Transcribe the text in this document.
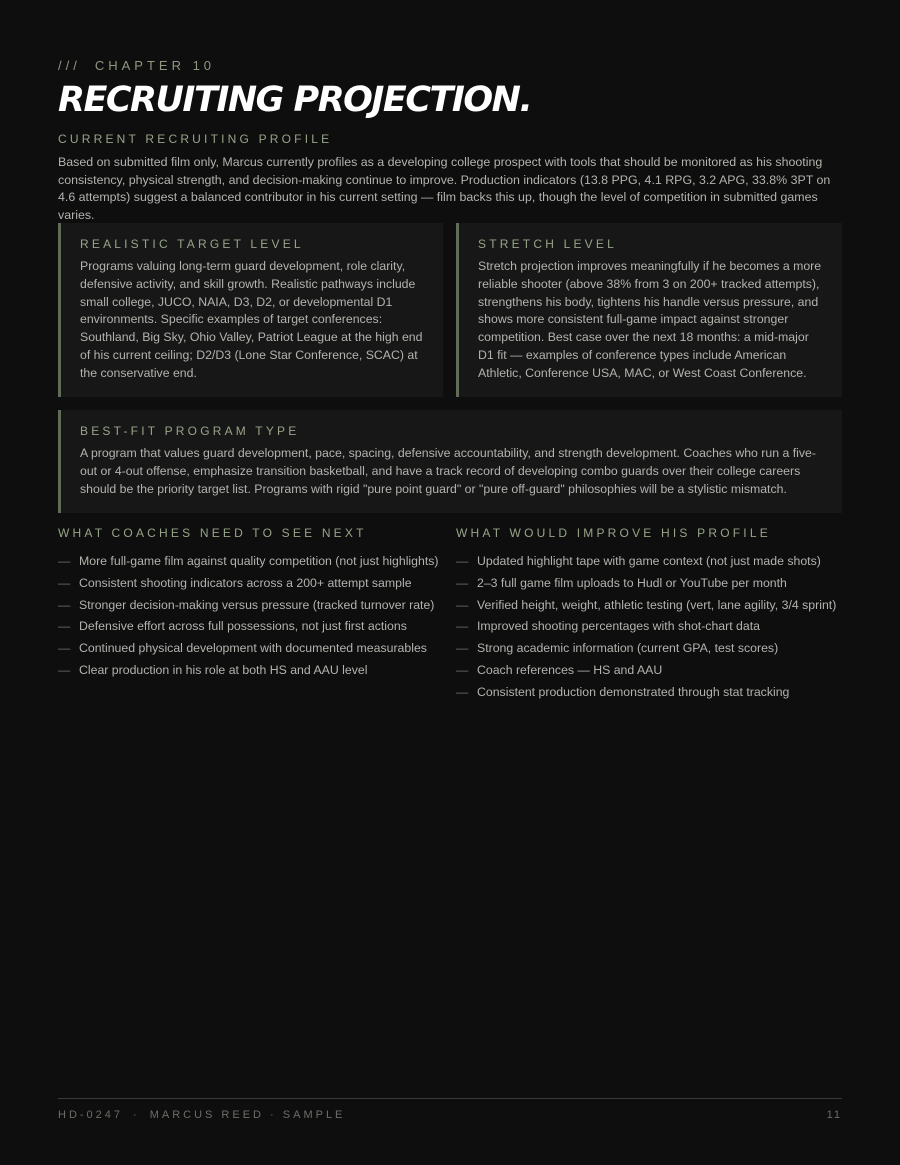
/// CHAPTER 10
RECRUITING PROJECTION.
CURRENT RECRUITING PROFILE

Based on submitted film only, Marcus currently profiles as a developing college prospect with tools that should be monitored as his shooting consistency, physical strength, and decision-making continue to improve. Production indicators (13.8 PPG, 4.1 RPG, 3.2 APG, 33.8% 3PT on 4.6 attempts) suggest a balanced contributor in his current setting — film backs this up, though the level of competition in submitted games varies.

REALISTIC TARGET LEVEL

Programs valuing long-term guard development, role clarity, defensive activity, and skill growth. Realistic pathways include small college, JUCO, NAIA, D3, D2, or developmental D1 environments. Specific examples of target conferences: Southland, Big Sky, Ohio Valley, Patriot League at the high end of his current ceiling; D2/D3 (Lone Star Conference, SCAC) at the conservative end.

STRETCH LEVEL

Stretch projection improves meaningfully if he becomes a more reliable shooter (above 38% from 3 on 200+ tracked attempts), strengthens his body, tightens his handle versus pressure, and shows more consistent full-game impact against stronger competition. Best case over the next 18 months: a mid-major D1 fit — examples of conference types include American Athletic, Conference USA, MAC, or West Coast Conference.

BEST-FIT PROGRAM TYPE

A program that values guard development, pace, spacing, defensive accountability, and strength development. Coaches who run a five-out or 4-out offense, emphasize transition basketball, and have a track record of developing combo guards over their college careers should be the priority target list. Programs with rigid "pure point guard" or "pure off-guard" philosophies will be a stylistic mismatch.

WHAT COACHES NEED TO SEE NEXT
— More full-game film against quality competition (not just highlights)
— Consistent shooting indicators across a 200+ attempt sample
— Stronger decision-making versus pressure (tracked turnover rate)
— Defensive effort across full possessions, not just first actions
— Continued physical development with documented measurables
— Clear production in his role at both HS and AAU level
WHAT WOULD IMPROVE HIS PROFILE
— Updated highlight tape with game context (not just made shots)
— 2–3 full game film uploads to Hudl or YouTube per month
— Verified height, weight, athletic testing (vert, lane agility, 3/4 sprint)
— Improved shooting percentages with shot-chart data
— Strong academic information (current GPA, test scores)
— Coach references — HS and AAU
— Consistent production demonstrated through stat tracking
HD-0247 · MARCUS REED · SAMPLE	11
